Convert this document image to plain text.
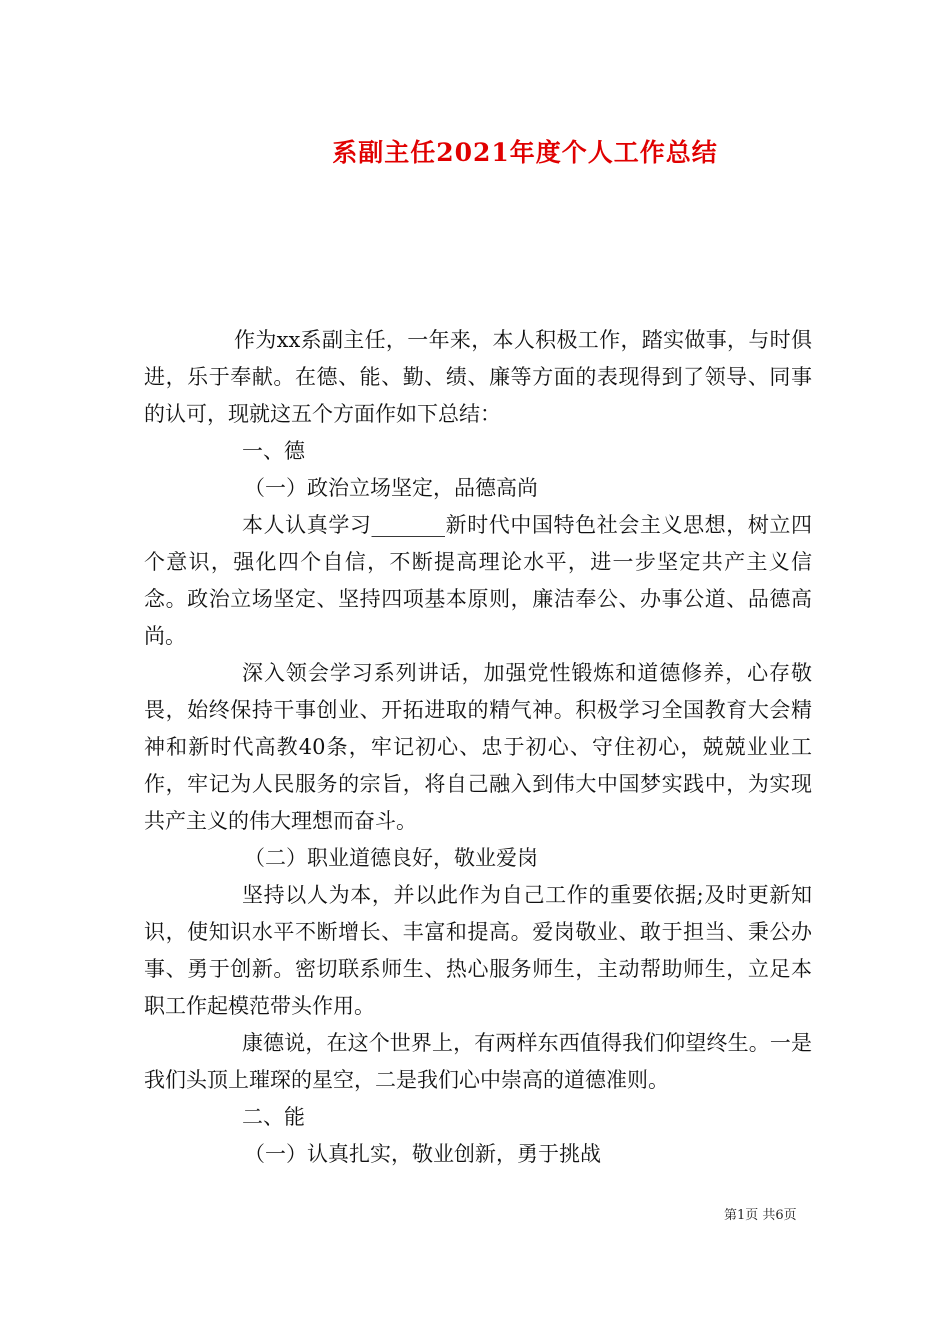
系副主任2021年度个人工作总结

作为xx系副主任，一年来，本人积极工作，踏实做事，与时俱进，乐于奉献。在德、能、勤、绩、廉等方面的表现得到了领导、同事的认可，现就这五个方面作如下总结：

一、德

（一）政治立场坚定，品德高尚

本人认真学习_______新时代中国特色社会主义思想，树立四个意识，强化四个自信，不断提高理论水平，进一步坚定共产主义信念。政治立场坚定、坚持四项基本原则，廉洁奉公、办事公道、品德高尚。

深入领会学习系列讲话，加强党性锻炼和道德修养，心存敬畏，始终保持干事创业、开拓进取的精气神。积极学习全国教育大会精神和新时代高教40条，牢记初心、忠于初心、守住初心，兢兢业业工作，牢记为人民服务的宗旨，将自己融入到伟大中国梦实践中，为实现共产主义的伟大理想而奋斗。

（二）职业道德良好，敬业爱岗

坚持以人为本，并以此作为自己工作的重要依据;及时更新知识，使知识水平不断增长、丰富和提高。爱岗敬业、敢于担当、秉公办事、勇于创新。密切联系师生、热心服务师生，主动帮助师生，立足本职工作起模范带头作用。

康德说，在这个世界上，有两样东西值得我们仰望终生。一是我们头顶上璀琛的星空，二是我们心中崇高的道德准则。

二、能

（一）认真扎实，敬业创新，勇于挑战

第1页 共6页
